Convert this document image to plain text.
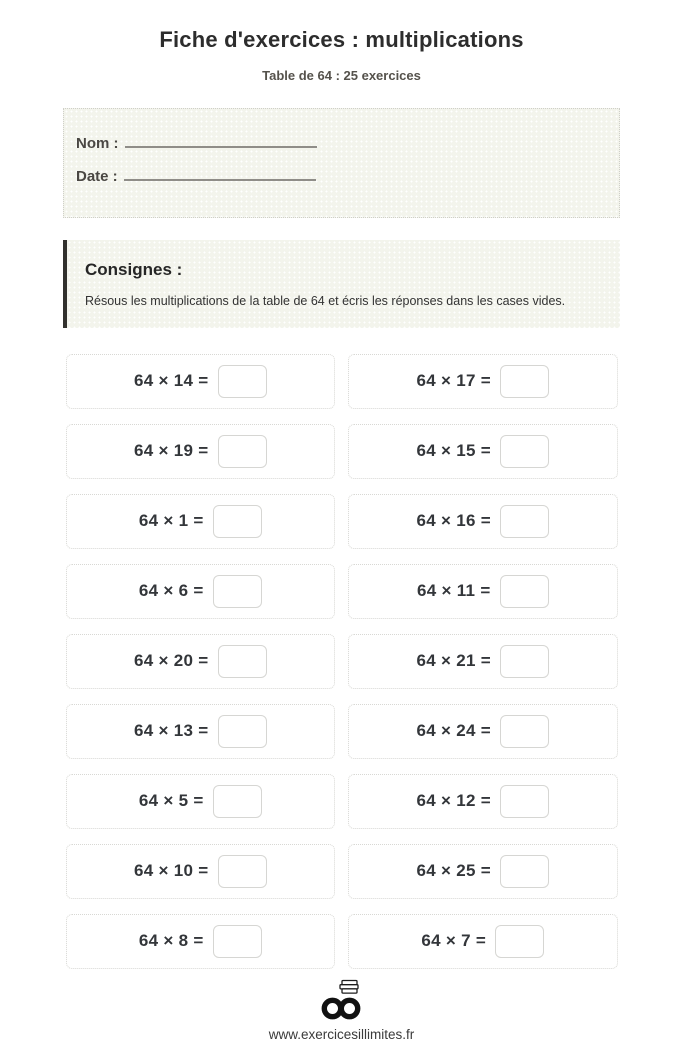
Fiche d'exercices : multiplications
Table de 64 : 25 exercices
Nom :
Date :
Consignes :

Résous les multiplications de la table de 64 et écris les réponses dans les cases vides.

64 × 14 =	64 × 17 =
64 × 19 =	64 × 15 =
64 × 1 =	64 × 16 =
64 × 6 =	64 × 11 =
64 × 20 =	64 × 21 =
64 × 13 =	64 × 24 =
64 × 5 =	64 × 12 =
64 × 10 =	64 × 25 =
64 × 8 =	64 × 7 =
www.exercicesillimites.fr
